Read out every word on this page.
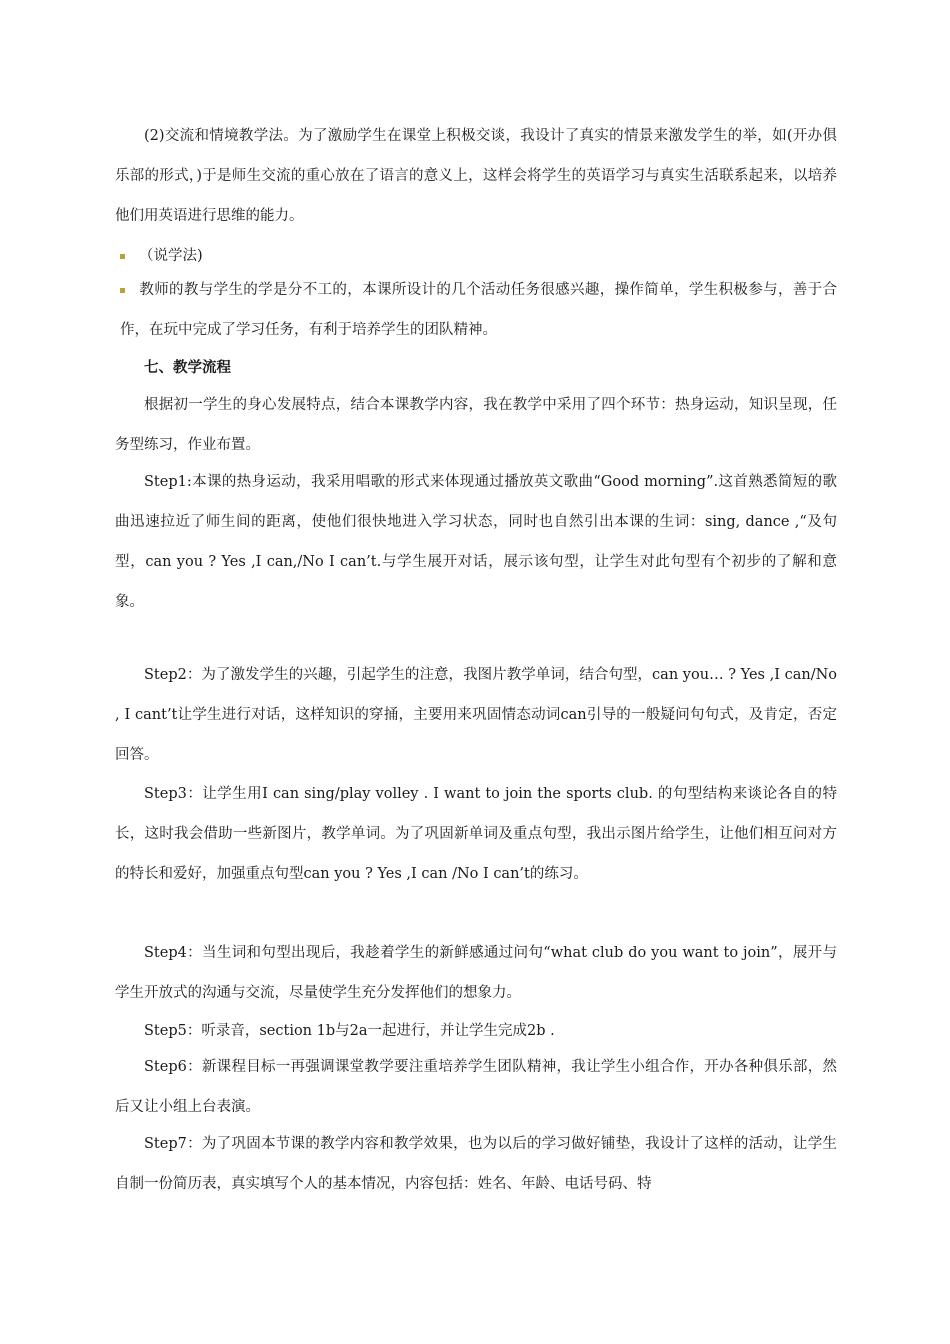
(2)交流和情境教学法。为了激励学生在课堂上积极交谈，我设计了真实的情景来激发学生的举，如(开办俱乐部的形式，)于是师生交流的重心放在了语言的意义上，这样会将学生的英语学习与真实生活联系起来，以培养他们用英语进行思维的能力。

（说学法)

教师的教与学生的学是分不工的，本课所设计的几个活动任务很感兴趣，操作简单，学生积极参与，善于合作，在玩中完成了学习任务，有利于培养学生的团队精神。

七、教学流程

根据初一学生的身心发展特点，结合本课教学内容，我在教学中采用了四个环节：热身运动，知识呈现，任务型练习，作业布置。

Step1:本课的热身运动，我采用唱歌的形式来体现通过播放英文歌曲“Good morning”.这首熟悉简短的歌曲迅速拉近了师生间的距离，使他们很快地进入学习状态，同时也自然引出本课的生词：sing, dance ,“及句型，can you ? Yes ,I can,/No I can’t.与学生展开对话，展示该句型，让学生对此句型有个初步的了解和意象。

Step2：为了激发学生的兴趣，引起学生的注意，我图片教学单词，结合句型，can you… ? Yes ,I can/No , I cant’t让学生进行对话，这样知识的穿捅，主要用来巩固情态动词can引导的一般疑问句句式，及肯定，否定回答。

Step3：让学生用I can sing/play volley . I want to join the sports club. 的句型结构来谈论各自的特长，这时我会借助一些新图片，教学单词。为了巩固新单词及重点句型，我出示图片给学生，让他们相互问对方的特长和爱好，加强重点句型can you ? Yes ,I can /No I can’t的练习。

Step4：当生词和句型出现后，我趁着学生的新鲜感通过问句“what club do you want to join”，展开与学生开放式的沟通与交流，尽量使学生充分发挥他们的想象力。

Step5：听录音，section 1b与2a一起进行，并让学生完成2b .

Step6：新课程目标一再强调课堂教学要注重培养学生团队精神，我让学生小组合作，开办各种俱乐部，然后又让小组上台表演。

Step7：为了巩固本节课的教学内容和教学效果，也为以后的学习做好铺垫，我设计了这样的活动，让学生自制一份简历表，真实填写个人的基本情况，内容包括：姓名、年龄、电话号码、特
